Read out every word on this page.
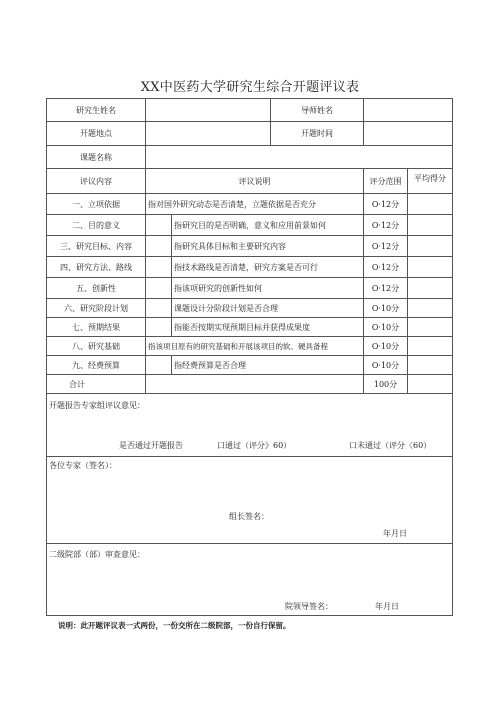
XX中医药大学研究生综合开题评议表
研究生姓名			导师姓名		
开题地点			开题时间		
课题名称					
评议内容	评议说明			评分范围	平均得分
一、立项依据	指对国外研究动态是否清楚，立题依据是否充分			O·12分	
二、目的意义		指研究目的是否明确，意义和应用前景如何		O·12分	
三、研究目标、内容		指研究具体目标和主要研究内容		O·12分	
四、研究方法、路线		指技术路线是否清楚，研究方案是否可行		O·12分	
五、创新性		指该项研究的创新性如何		O·12分	
六、研究阶段计划		课题设计分阶段计划是否合理		O·10分	
七、预期结果		指能否按期实现预期目标并获得成果度		O·10分	
八、研究基础	指该项目原有的研究基础和开展该项目的软、硬具备程			O·10分	
九、经费预算		指经费预算是否合理		O·10分	
合计				100分	

开题报告专家组评议意见：
是否通过开题报告 口通过（评分》60） 口未通过（评分〈60）					

各位专家（签名）：
组长签名：
年月日					

二级院部（部）审查意见：
院领导签名： 年月日					
说明：此开题评议表一式两份，一份交所在二级院部，一份自行保留。
